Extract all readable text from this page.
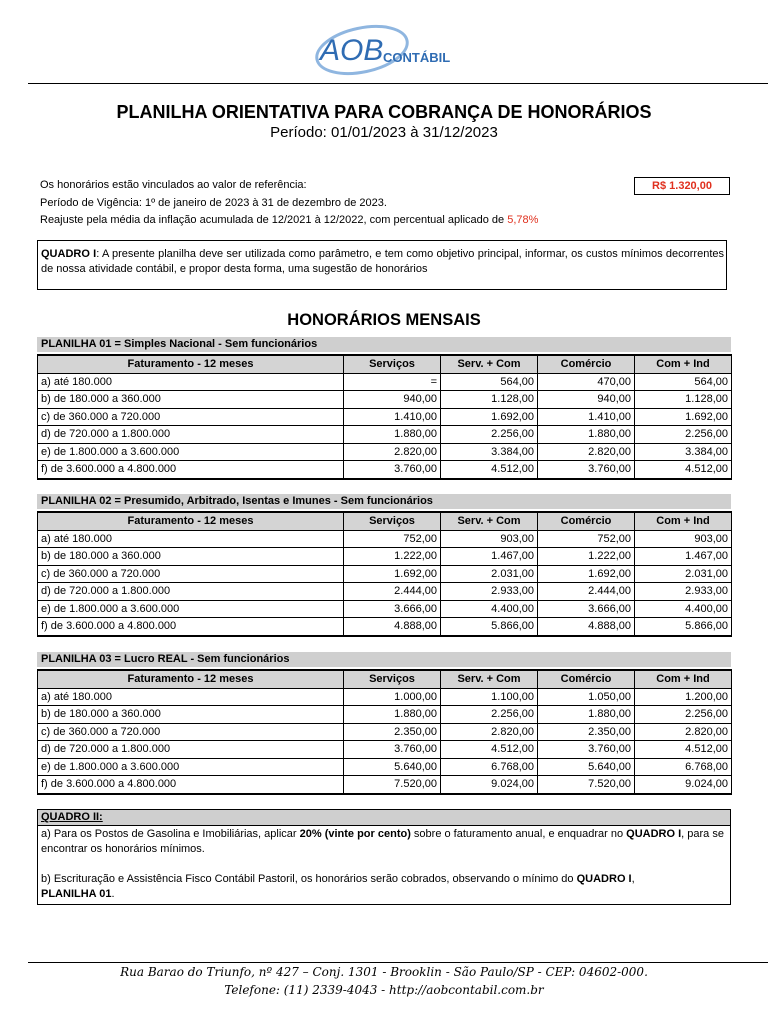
AOB CONTÁBIL
PLANILHA ORIENTATIVA PARA COBRANÇA DE HONORÁRIOS
Período: 01/01/2023 à 31/12/2023
Os honorários estão vinculados ao valor de referência:
Período de Vigência: 1º de janeiro de 2023 à 31 de dezembro de 2023.
Reajuste pela média da inflação acumulada de 12/2021 à 12/2022, com percentual aplicado de 5,78%
R$ 1.320,00
QUADRO I: A presente planilha deve ser utilizada como parâmetro, e tem como objetivo principal, informar, os custos mínimos decorrentes de nossa atividade contábil, e propor desta forma, uma sugestão de honorários
HONORÁRIOS MENSAIS
PLANILHA 01 = Simples Nacional - Sem funcionários
Faturamento - 12 meses	Serviços	Serv. + Com	Comércio	Com + Ind
a) até 180.000	=	564,00	470,00	564,00
b) de 180.000 a 360.000	940,00	1.128,00	940,00	1.128,00
c) de 360.000 a 720.000	1.410,00	1.692,00	1.410,00	1.692,00
d) de 720.000 a 1.800.000	1.880,00	2.256,00	1.880,00	2.256,00
e) de 1.800.000 a 3.600.000	2.820,00	3.384,00	2.820,00	3.384,00
f) de 3.600.000 a 4.800.000	3.760,00	4.512,00	3.760,00	4.512,00
PLANILHA 02 = Presumido, Arbitrado, Isentas e Imunes - Sem funcionários
Faturamento - 12 meses	Serviços	Serv. + Com	Comércio	Com + Ind
a) até 180.000	752,00	903,00	752,00	903,00
b) de 180.000 a 360.000	1.222,00	1.467,00	1.222,00	1.467,00
c) de 360.000 a 720.000	1.692,00	2.031,00	1.692,00	2.031,00
d) de 720.000 a 1.800.000	2.444,00	2.933,00	2.444,00	2.933,00
e) de 1.800.000 a 3.600.000	3.666,00	4.400,00	3.666,00	4.400,00
f) de 3.600.000 a 4.800.000	4.888,00	5.866,00	4.888,00	5.866,00
PLANILHA 03 = Lucro REAL - Sem funcionários
Faturamento - 12 meses	Serviços	Serv. + Com	Comércio	Com + Ind
a) até 180.000	1.000,00	1.100,00	1.050,00	1.200,00
b) de 180.000 a 360.000	1.880,00	2.256,00	1.880,00	2.256,00
c) de 360.000 a 720.000	2.350,00	2.820,00	2.350,00	2.820,00
d) de 720.000 a 1.800.000	3.760,00	4.512,00	3.760,00	4.512,00
e) de 1.800.000 a 3.600.000	5.640,00	6.768,00	5.640,00	6.768,00
f) de 3.600.000 a 4.800.000	7.520,00	9.024,00	7.520,00	9.024,00
QUADRO II:
a) Para os Postos de Gasolina e Imobiliárias, aplicar 20% (vinte por cento) sobre o faturamento anual, e enquadrar no QUADRO I, para se encontrar os honorários mínimos.
b) Escrituração e Assistência Fisco Contábil Pastoril, os honorários serão cobrados, observando o mínimo do QUADRO I,
PLANILHA 01.
Rua Barao do Triunfo, nº 427 – Conj. 1301 - Brooklin - São Paulo/SP - CEP: 04602-000.
Telefone: (11) 2339-4043 - http://aobcontabil.com.br
